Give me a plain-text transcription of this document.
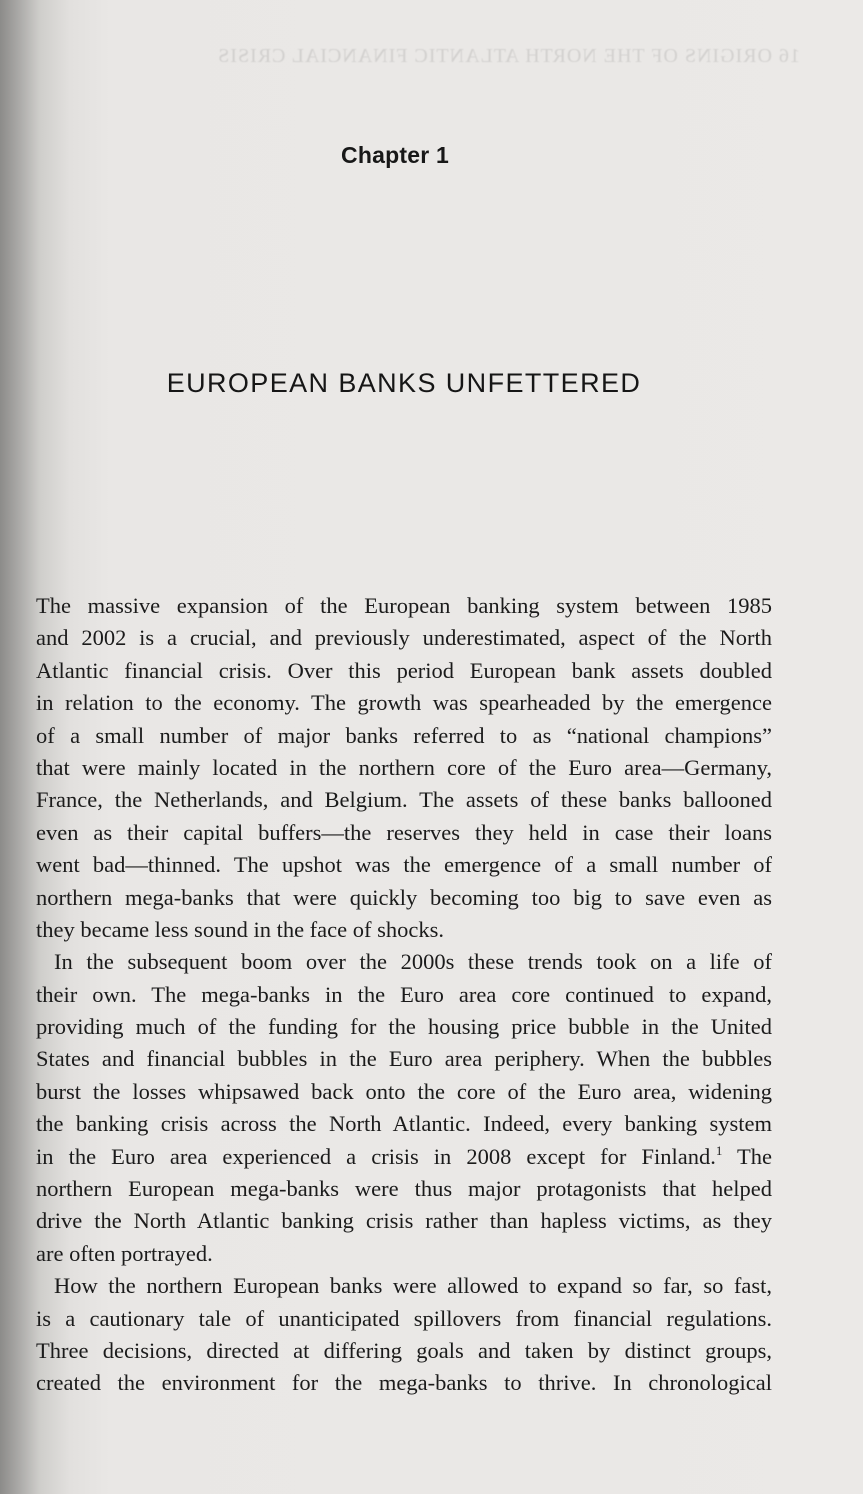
16 ORIGINS OF THE NORTH ATLANTIC FINANCIAL CRISIS

Chapter 1
EUROPEAN BANKS UNFETTERED
The massive expansion of the European banking system between 1985
and 2002 is a crucial, and previously underestimated, aspect of the North
Atlantic financial crisis. Over this period European bank assets doubled
in relation to the economy. The growth was spearheaded by the emergence
of a small number of major banks referred to as “national champions”
that were mainly located in the northern core of the Euro area—Germany,
France, the Netherlands, and Belgium. The assets of these banks ballooned
even as their capital buffers—the reserves they held in case their loans
went bad—thinned. The upshot was the emergence of a small number of
northern mega-banks that were quickly becoming too big to save even as
they became less sound in the face of shocks.
In the subsequent boom over the 2000s these trends took on a life of
their own. The mega-banks in the Euro area core continued to expand,
providing much of the funding for the housing price bubble in the United
States and financial bubbles in the Euro area periphery. When the bubbles
burst the losses whipsawed back onto the core of the Euro area, widening
the banking crisis across the North Atlantic. Indeed, every banking system
in the Euro area experienced a crisis in 2008 except for Finland.$^1$ The
northern European mega-banks were thus major protagonists that helped
drive the North Atlantic banking crisis rather than hapless victims, as they
are often portrayed.
How the northern European banks were allowed to expand so far, so fast,
is a cautionary tale of unanticipated spillovers from financial regulations.
Three decisions, directed at differing goals and taken by distinct groups,
created the environment for the mega-banks to thrive. In chronological
